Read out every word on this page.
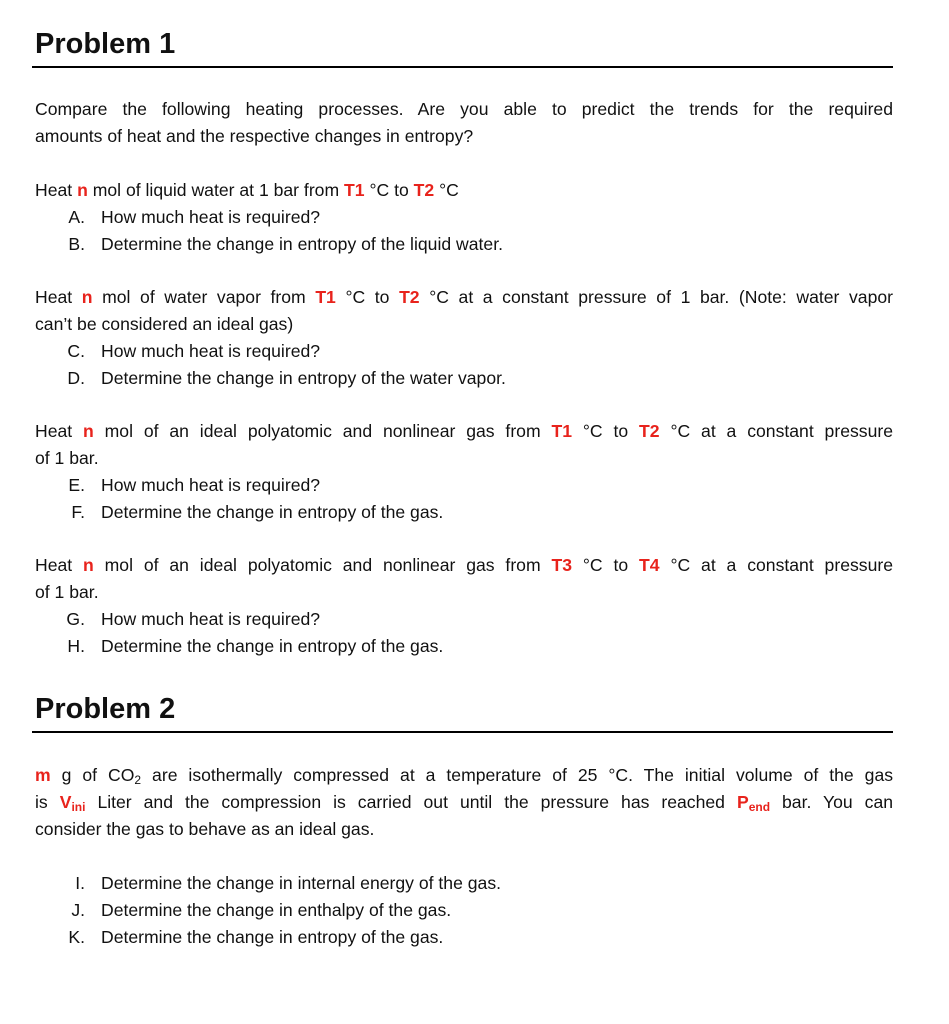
Problem 1
Compare the following heating processes. Are you able to predict the trends for the required
amounts of heat and the respective changes in entropy?
Heat n mol of liquid water at 1 bar from T1 °C to T2 °C
A. How much heat is required?
B. Determine the change in entropy of the liquid water.
Heat n mol of water vapor from T1 °C to T2 °C at a constant pressure of 1 bar. (Note: water vapor
can’t be considered an ideal gas)
C. How much heat is required?
D. Determine the change in entropy of the water vapor.
Heat n mol of an ideal polyatomic and nonlinear gas from T1 °C to T2 °C at a constant pressure
of 1 bar.
E. How much heat is required?
F. Determine the change in entropy of the gas.
Heat n mol of an ideal polyatomic and nonlinear gas from T3 °C to T4 °C at a constant pressure
of 1 bar.
G. How much heat is required?
H. Determine the change in entropy of the gas.
Problem 2
m g of $CO_2$ are isothermally compressed at a temperature of 25 °C. The initial volume of the gas
is $V_{ini}$ Liter and the compression is carried out until the pressure has reached $P_{end}$ bar. You can
consider the gas to behave as an ideal gas.
I. Determine the change in internal energy of the gas.
J. Determine the change in enthalpy of the gas.
K. Determine the change in entropy of the gas.
